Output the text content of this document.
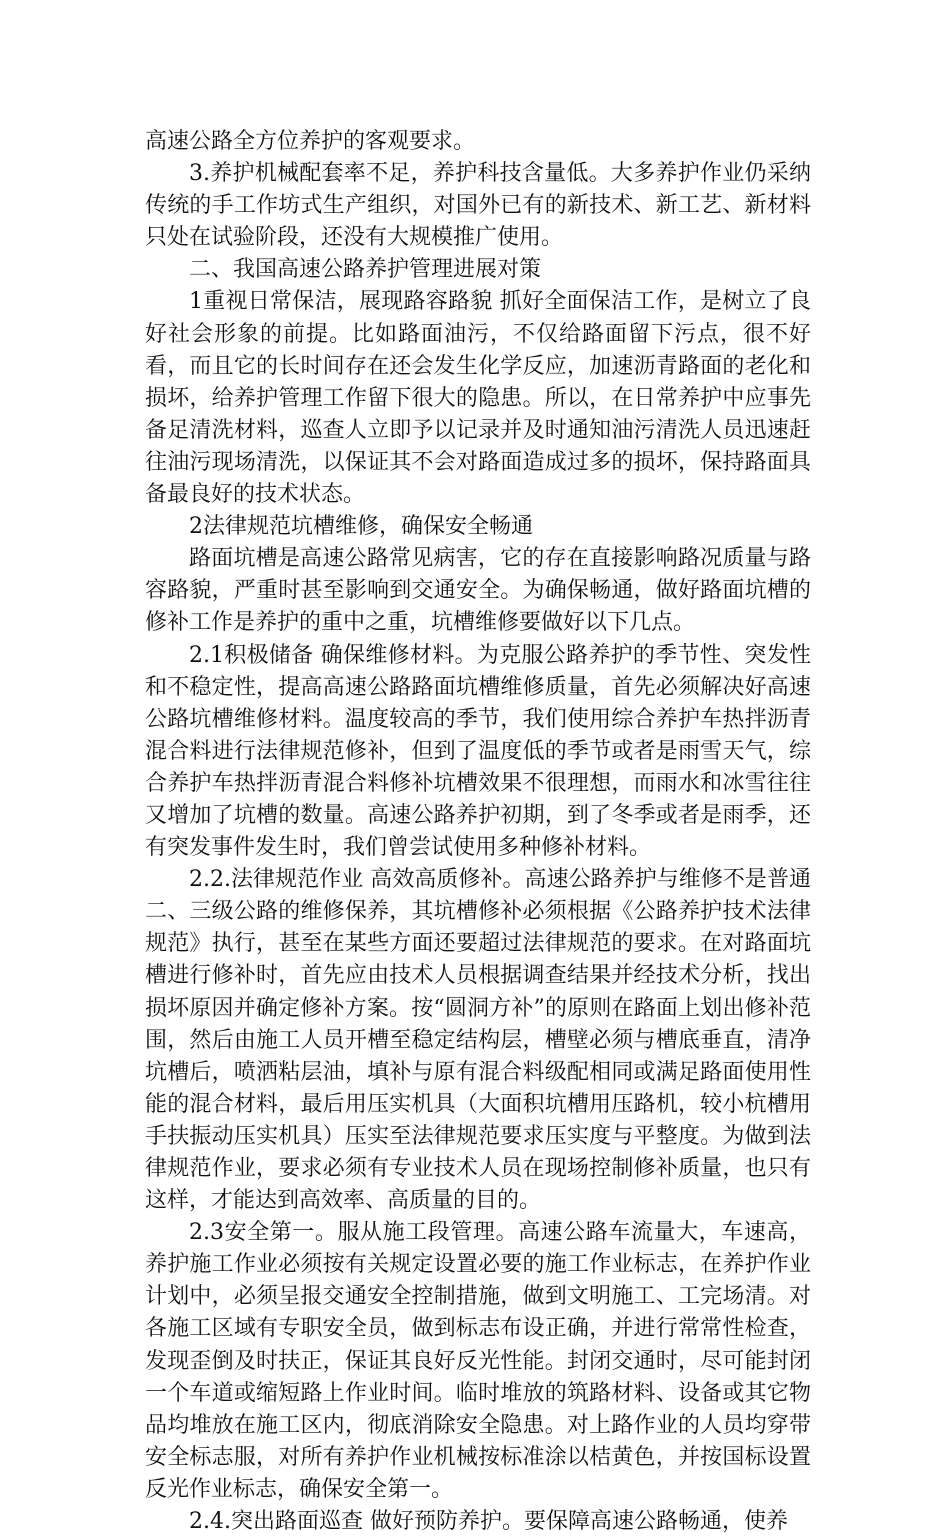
高速公路全方位养护的客观要求。

3.养护机械配套率不足，养护科技含量低。大多养护作业仍采纳传统的手工作坊式生产组织，对国外已有的新技术、新工艺、新材料只处在试验阶段，还没有大规模推广使用。

二、我国高速公路养护管理进展对策

1重视日常保洁，展现路容路貌 抓好全面保洁工作，是树立了良好社会形象的前提。比如路面油污，不仅给路面留下污点，很不好看，而且它的长时间存在还会发生化学反应，加速沥青路面的老化和损坏，给养护管理工作留下很大的隐患。所以，在日常养护中应事先备足清洗材料，巡查人立即予以记录并及时通知油污清洗人员迅速赶往油污现场清洗，以保证其不会对路面造成过多的损坏，保持路面具备最良好的技术状态。

2法律规范坑槽维修，确保安全畅通

路面坑槽是高速公路常见病害，它的存在直接影响路况质量与路容路貌，严重时甚至影响到交通安全。为确保畅通，做好路面坑槽的修补工作是养护的重中之重，坑槽维修要做好以下几点。

2.1积极储备 确保维修材料。为克服公路养护的季节性、突发性和不稳定性，提高高速公路路面坑槽维修质量，首先必须解决好高速公路坑槽维修材料。温度较高的季节，我们使用综合养护车热拌沥青混合料进行法律规范修补，但到了温度低的季节或者是雨雪天气，综合养护车热拌沥青混合料修补坑槽效果不很理想，而雨水和冰雪往往又增加了坑槽的数量。高速公路养护初期，到了冬季或者是雨季，还有突发事件发生时，我们曾尝试使用多种修补材料。

2.2.法律规范作业 高效高质修补。高速公路养护与维修不是普通二、三级公路的维修保养，其坑槽修补必须根据《公路养护技术法律规范》执行，甚至在某些方面还要超过法律规范的要求。在对路面坑槽进行修补时，首先应由技术人员根据调查结果并经技术分析，找出损坏原因并确定修补方案。按“圆洞方补”的原则在路面上划出修补范围，然后由施工人员开槽至稳定结构层，槽壁必须与槽底垂直，清净坑槽后，喷洒粘层油，填补与原有混合料级配相同或满足路面使用性能的混合材料，最后用压实机具（大面积坑槽用压路机，较小杭槽用手扶振动压实机具）压实至法律规范要求压实度与平整度。为做到法律规范作业，要求必须有专业技术人员在现场控制修补质量，也只有这样，才能达到高效率、高质量的目的。

2.3安全第一。服从施工段管理。高速公路车流量大，车速高，养护施工作业必须按有关规定设置必要的施工作业标志，在养护作业计划中，必须呈报交通安全控制措施，做到文明施工、工完场清。对各施工区域有专职安全员，做到标志布设正确，并进行常常性检查，发现歪倒及时扶正，保证其良好反光性能。封闭交通时，尽可能封闭一个车道或缩短路上作业时间。临时堆放的筑路材料、设备或其它物品均堆放在施工区内，彻底消除安全隐患。对上路作业的人员均穿带安全标志服，对所有养护作业机械按标准涂以桔黄色，并按国标设置反光作业标志，确保安全第一。

2.4.突出路面巡查 做好预防养护。要保障高速公路畅通，使养
